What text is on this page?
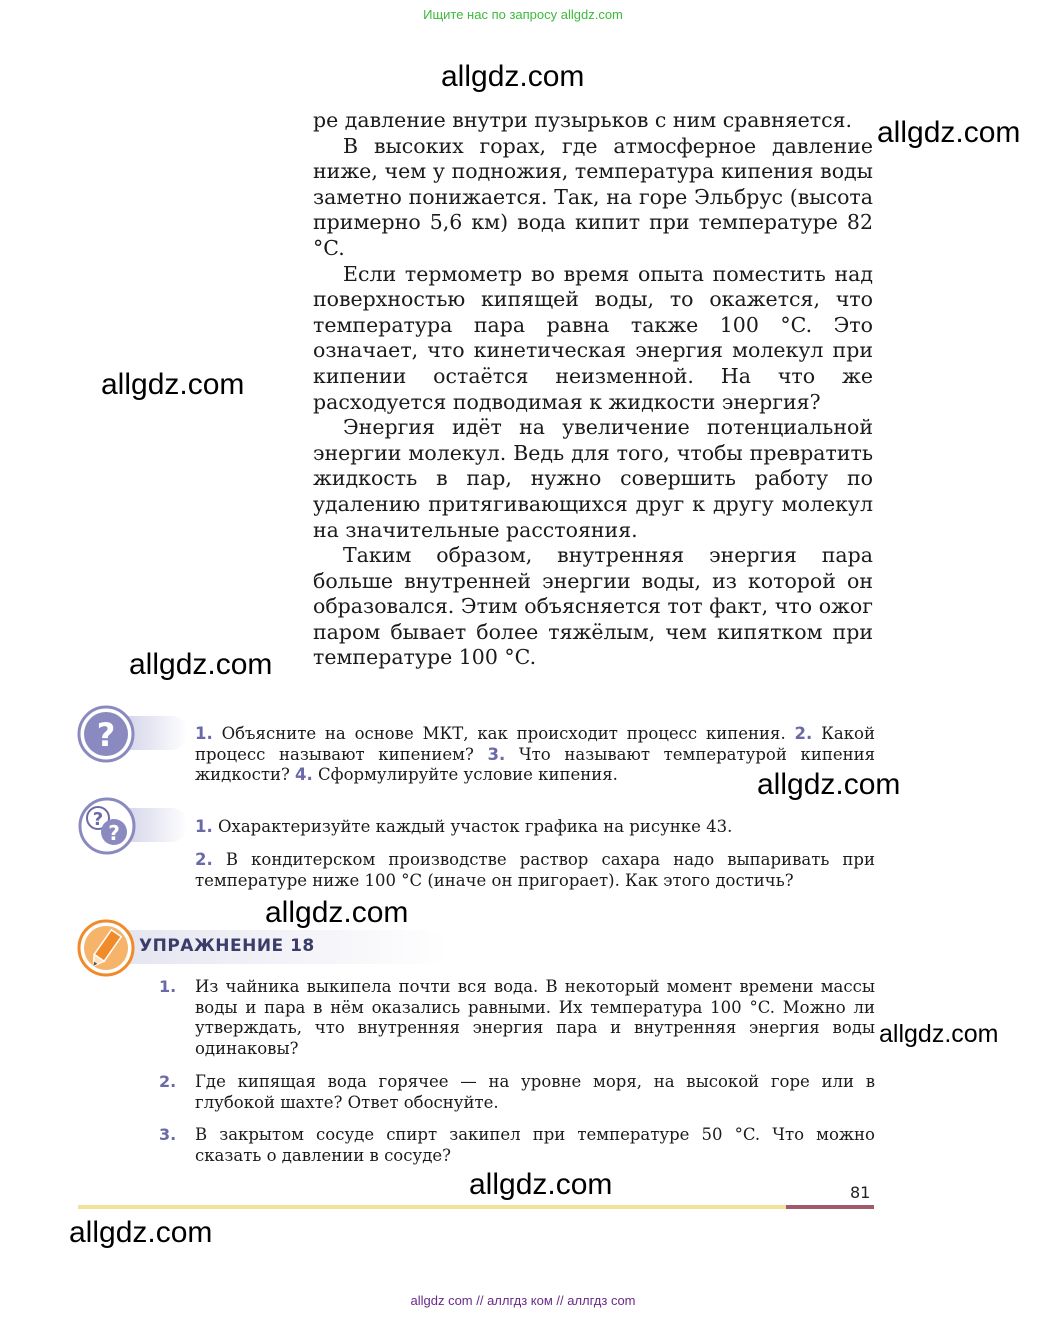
Ищите нас по запросу allgdz.com
allgdz com // аллгдз ком // аллгдз com
allgdz.com
allgdz.com
allgdz.com
allgdz.com
allgdz.com
allgdz.com
allgdz.com
allgdz.com
allgdz.com

ре давление внутри пузырьков с ним сравняется.

В высоких горах, где атмосферное давление ниже, чем у подножия, температура кипения воды заметно понижается. Так, на горе Эльбрус (высота примерно 5,6 км) вода кипит при температуре 82 °C.

Если термометр во время опыта поместить над поверхностью кипящей воды, то окажется, что температура пара равна также 100 °C. Это означает, что кинетическая энергия молекул при кипении остаётся неизменной. На что же расходуется подводимая к жидкости энергия?

Энергия идёт на увеличение потенциальной энергии молекул. Ведь для того, чтобы превратить жидкость в пар, нужно совершить работу по удалению притягивающихся друг к другу молекул на значительные расстояния.

Таким образом, внутренняя энергия пара больше внутренней энергии воды, из которой он образовался. Этим объясняется тот факт, что ожог паром бывает более тяжёлым, чем кипятком при температуре 100 °C.

?	1. Объясните на основе МКТ, как происходит процесс кипения. 2. Какой процесс называют кипением? 3. Что называют температурой кипения жидкости? 4. Сформулируйте условие кипения.
?
?	1. Охарактеризуйте каждый участок графика на рисунке 43.
2. В кондитерском производстве раствор сахара надо выпаривать при температуре ниже 100 °C (иначе он пригорает). Как этого достичь?
УПРАЖНЕНИЕ 18
1. Из чайника выкипела почти вся вода. В некоторый момент времени массы воды и пара в нём оказались равными. Их температура 100 °C. Можно ли утверждать, что внутренняя энергия пара и внутренняя энергия воды одинаковы?
2. Где кипящая вода горячее — на уровне моря, на высокой горе или в глубокой шахте? Ответ обоснуйте.
3. В закрытом сосуде спирт закипел при температуре 50 °C. Что можно сказать о давлении в сосуде?
81
